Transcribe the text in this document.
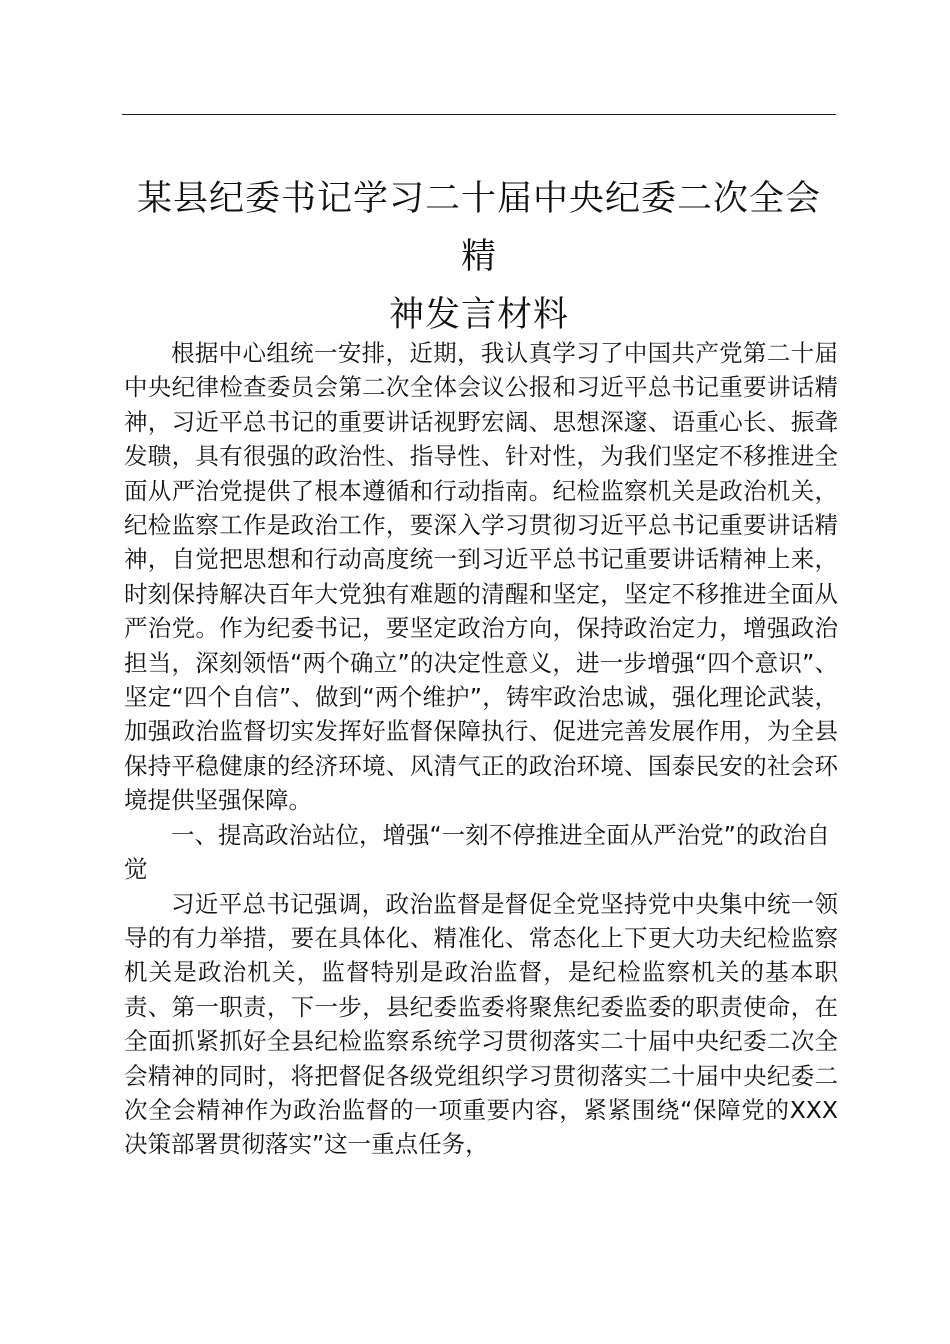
某县纪委书记学习二十届中央纪委二次全会精
神发言材料

根据中心组统一安排，近期，我认真学习了中国共产党第二十届中央纪律检查委员会第二次全体会议公报和习近平总书记重要讲话精神，习近平总书记的重要讲话视野宏阔、思想深邃、语重心长、振聋发聩，具有很强的政治性、指导性、针对性，为我们坚定不移推进全面从严治党提供了根本遵循和行动指南。纪检监察机关是政治机关，纪检监察工作是政治工作，要深入学习贯彻习近平总书记重要讲话精神，自觉把思想和行动高度统一到习近平总书记重要讲话精神上来，时刻保持解决百年大党独有难题的清醒和坚定，坚定不移推进全面从严治党。作为纪委书记，要坚定政治方向，保持政治定力，增强政治担当，深刻领悟“两个确立”的决定性意义，进一步增强“四个意识”、坚定“四个自信”、做到“两个维护”，铸牢政治忠诚，强化理论武装，加强政治监督切实发挥好监督保障执行、促进完善发展作用，为全县保持平稳健康的经济环境、风清气正的政治环境、国泰民安的社会环境提供坚强保障。

一、提高政治站位，增强“一刻不停推进全面从严治党”的政治自觉

习近平总书记强调，政治监督是督促全党坚持党中央集中统一领导的有力举措，要在具体化、精准化、常态化上下更大功夫纪检监察机关是政治机关，监督特别是政治监督，是纪检监察机关的基本职责、第一职责，下一步，县纪委监委将聚焦纪委监委的职责使命，在全面抓紧抓好全县纪检监察系统学习贯彻落实二十届中央纪委二次全会精神的同时，将把督促各级党组织学习贯彻落实二十届中央纪委二次全会精神作为政治监督的一项重要内容，紧紧围绕“保障党的XXX决策部署贯彻落实”这一重点任务，
